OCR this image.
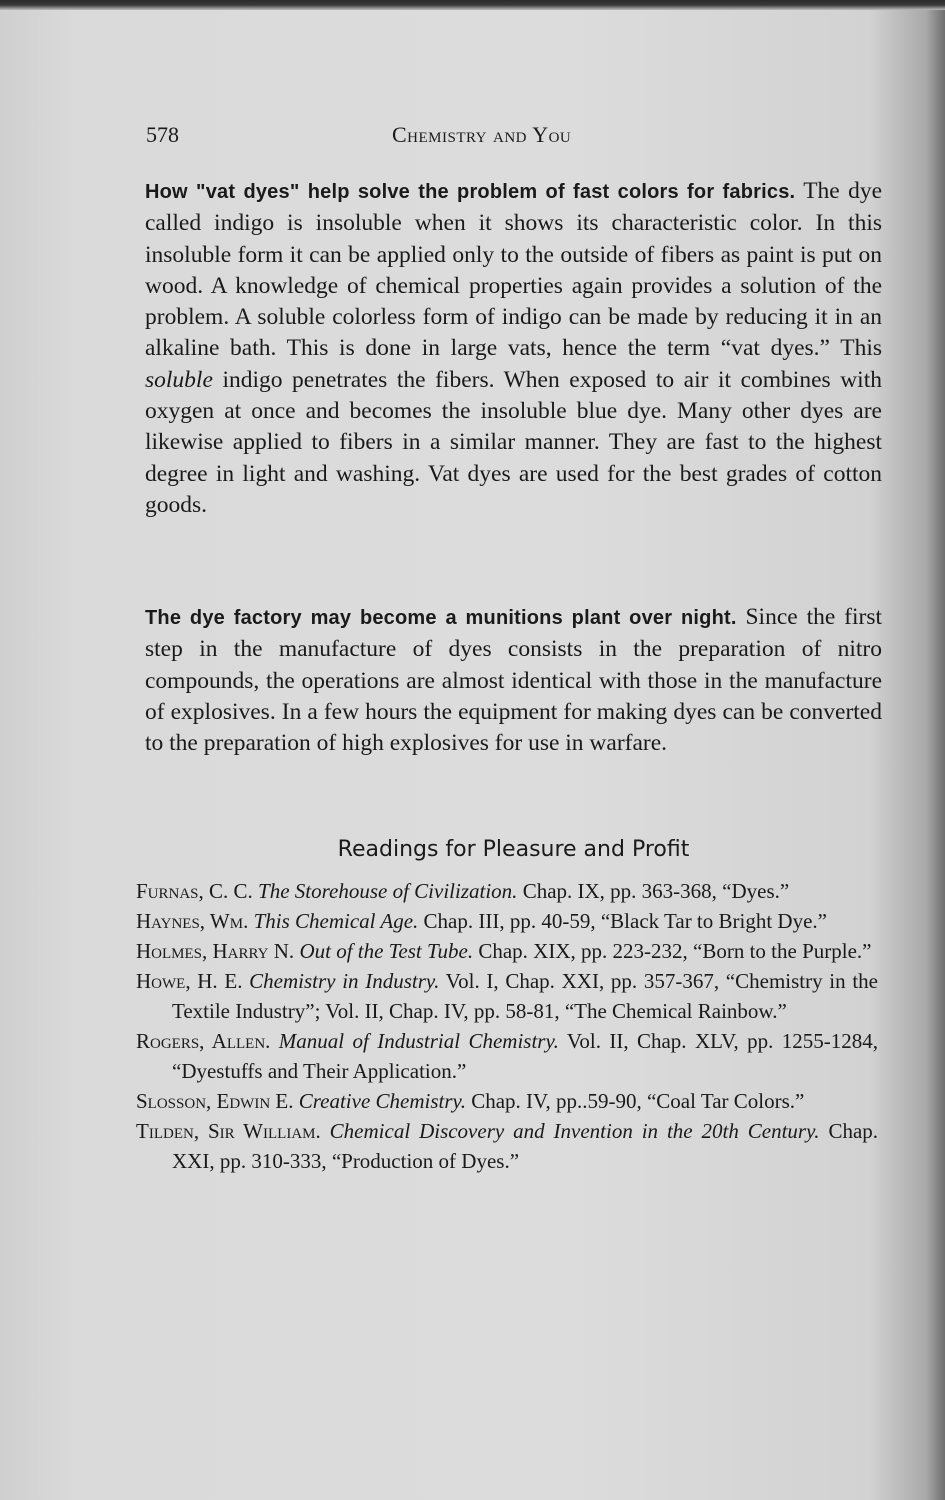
578	Chemistry and You

How "vat dyes" help solve the problem of fast colors for fabrics. The dye called indigo is insoluble when it shows its characteristic color. In this insoluble form it can be applied only to the outside of fibers as paint is put on wood. A knowledge of chemical properties again provides a solution of the problem. A soluble colorless form of indigo can be made by reducing it in an alkaline bath. This is done in large vats, hence the term “vat dyes.” This soluble indigo penetrates the fibers. When exposed to air it combines with oxygen at once and becomes the insoluble blue dye. Many other dyes are likewise applied to fibers in a similar manner. They are fast to the highest degree in light and washing. Vat dyes are used for the best grades of cotton goods.

The dye factory may become a munitions plant over night. Since the first step in the manufacture of dyes consists in the preparation of nitro compounds, the operations are almost identical with those in the manufacture of explosives. In a few hours the equipment for making dyes can be converted to the preparation of high explosives for use in warfare.

Readings for Pleasure and Profit
Furnas, C. C. The Storehouse of Civilization. Chap. IX, pp. 363-368, “Dyes.”
Haynes, Wm. This Chemical Age. Chap. III, pp. 40-59, “Black Tar to Bright Dye.”
Holmes, Harry N. Out of the Test Tube. Chap. XIX, pp. 223-232, “Born to the Purple.”
Howe, H. E. Chemistry in Industry. Vol. I, Chap. XXI, pp. 357-367, “Chemistry in the Textile Industry”; Vol. II, Chap. IV, pp. 58-81, “The Chemical Rainbow.”
Rogers, Allen. Manual of Industrial Chemistry. Vol. II, Chap. XLV, pp. 1255-1284, “Dyestuffs and Their Application.”
Slosson, Edwin E. Creative Chemistry. Chap. IV, pp..59-90, “Coal Tar Colors.”
Tilden, Sir William. Chemical Discovery and Invention in the 20th Century. Chap. XXI, pp. 310-333, “Production of Dyes.”
